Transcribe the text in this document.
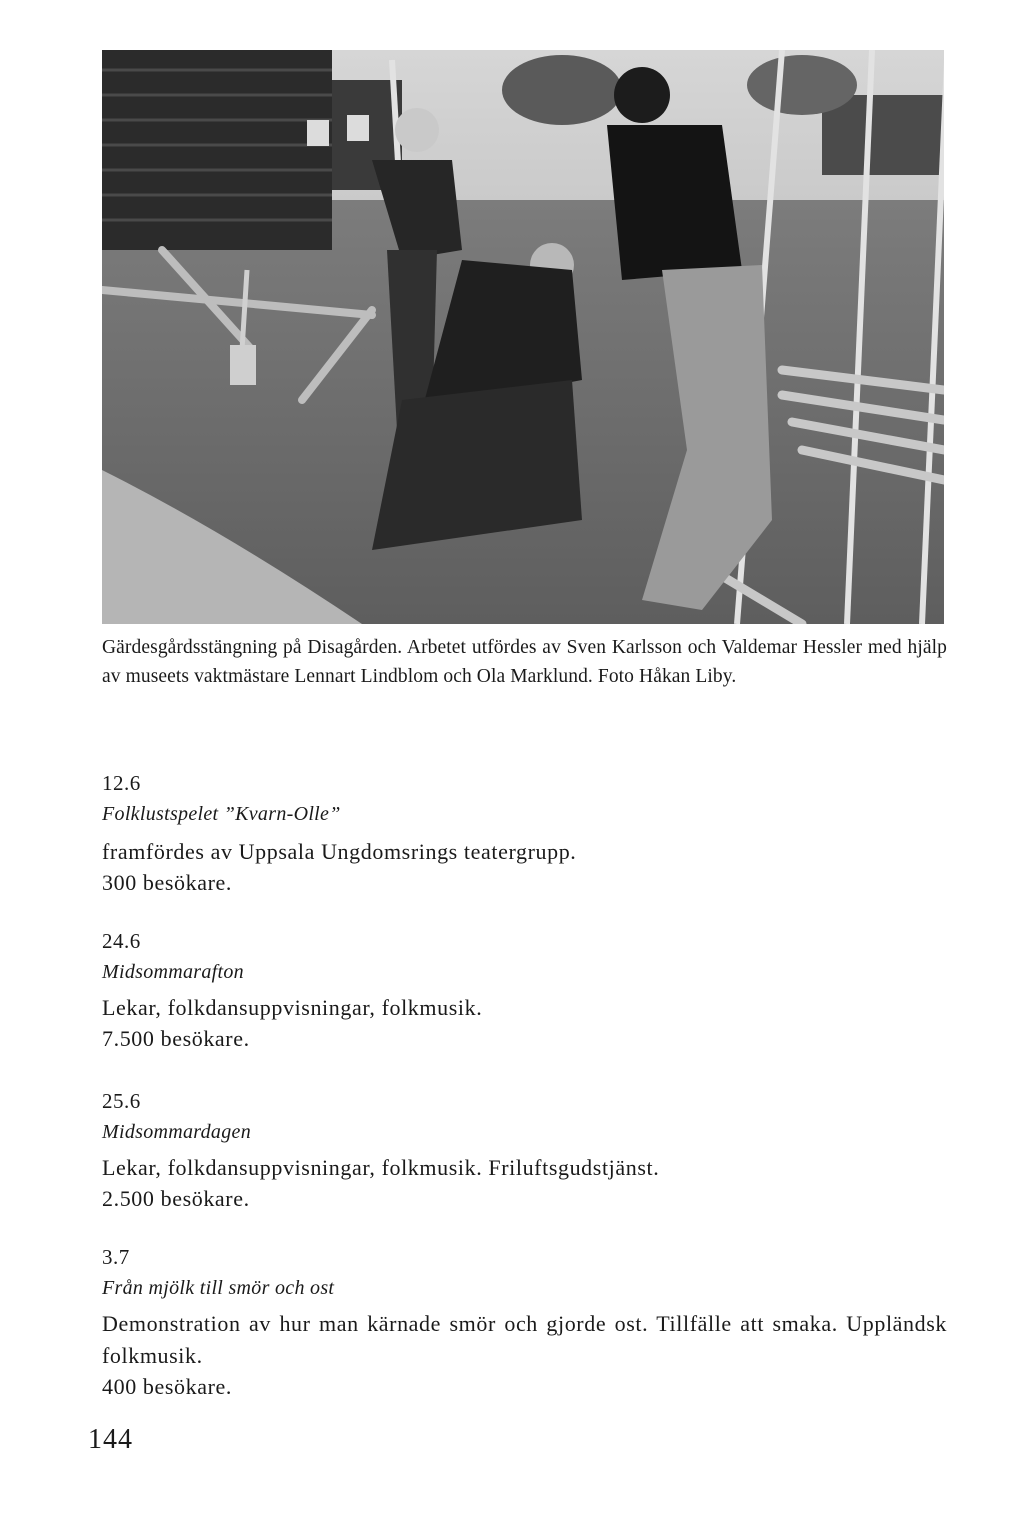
Gärdesgårdsstängning på Disagården. Arbetet utfördes av Sven Karlsson och Valdemar Hessler med hjälp av museets vaktmästare Lennart Lindblom och Ola Marklund. Foto Håkan Liby.
12.6
Folklustspelet ”Kvarn-Olle”
framfördes av Uppsala Ungdomsrings teatergrupp.
300 besökare.
24.6
Midsommarafton
Lekar, folkdansuppvisningar, folkmusik.
7.500 besökare.
25.6
Midsommardagen
Lekar, folkdansuppvisningar, folkmusik. Friluftsgudstjänst.
2.500 besökare.
3.7
Från mjölk till smör och ost
Demonstration av hur man kärnade smör och gjorde ost. Tillfälle att smaka. Uppländsk folkmusik.
400 besökare.
144
